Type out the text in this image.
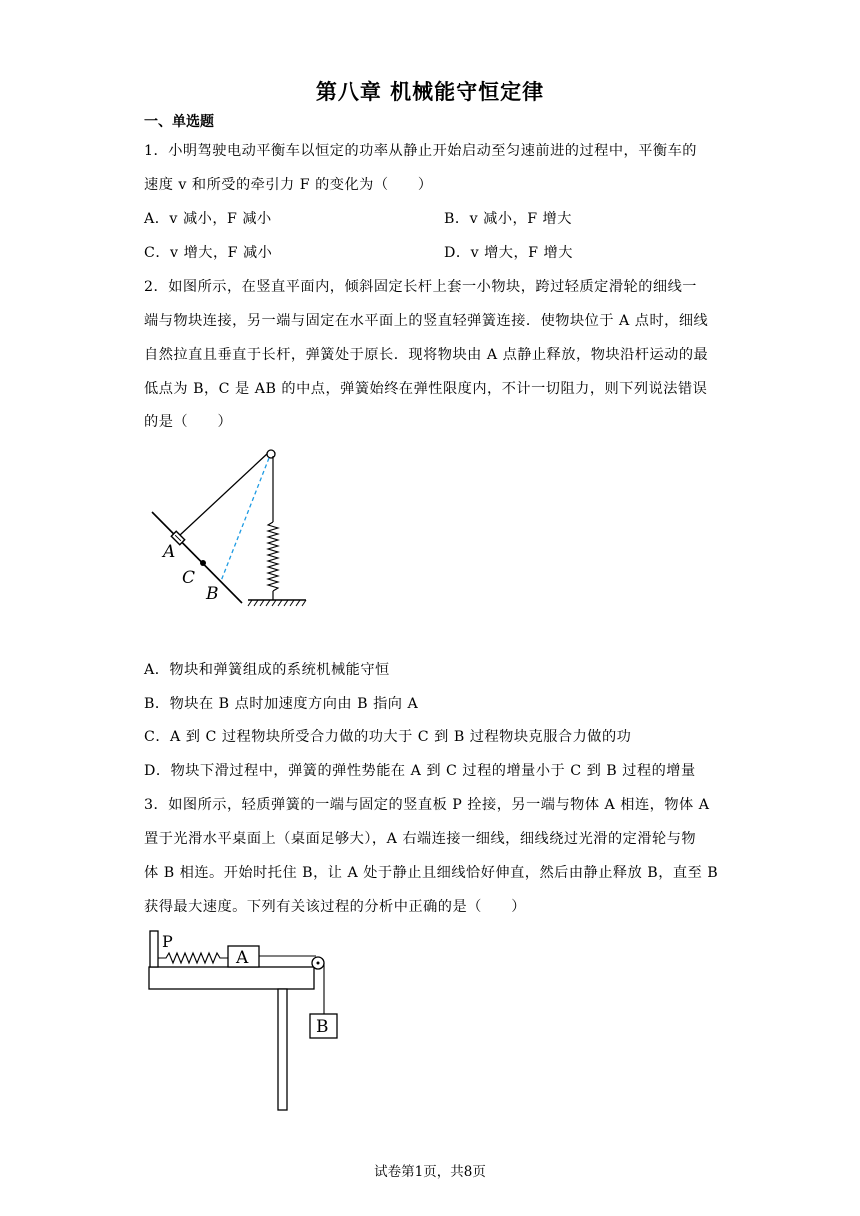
第八章 机械能守恒定律
一、单选题
1．小明驾驶电动平衡车以恒定的功率从静止开始启动至匀速前进的过程中，平衡车的
速度 v 和所受的牵引力 F 的变化为（　　）
A．v 减小，F 减小	B．v 减小，F 增大
C．v 增大，F 减小	D．v 增大，F 增大
2．如图所示，在竖直平面内，倾斜固定长杆上套一小物块，跨过轻质定滑轮的细线一
端与物块连接，另一端与固定在水平面上的竖直轻弹簧连接．使物块位于 A 点时，细线
自然拉直且垂直于长杆，弹簧处于原长．现将物块由 A 点静止释放，物块沿杆运动的最
低点为 B，C 是 AB 的中点，弹簧始终在弹性限度内，不计一切阻力，则下列说法错误
的是（　　）
A
C
B
A．物块和弹簧组成的系统机械能守恒
B．物块在 B 点时加速度方向由 B 指向 A
C．A 到 C 过程物块所受合力做的功大于 C 到 B 过程物块克服合力做的功
D．物块下滑过程中，弹簧的弹性势能在 A 到 C 过程的增量小于 C 到 B 过程的增量
3．如图所示，轻质弹簧的一端与固定的竖直板 P 拴接，另一端与物体 A 相连，物体 A
置于光滑水平桌面上（桌面足够大），A 右端连接一细线，细线绕过光滑的定滑轮与物
体 B 相连。开始时托住 B，让 A 处于静止且细线恰好伸直，然后由静止释放 B，直至 B
获得最大速度。下列有关该过程的分析中正确的是（　　）
P
A
B
试卷第1页，共8页
